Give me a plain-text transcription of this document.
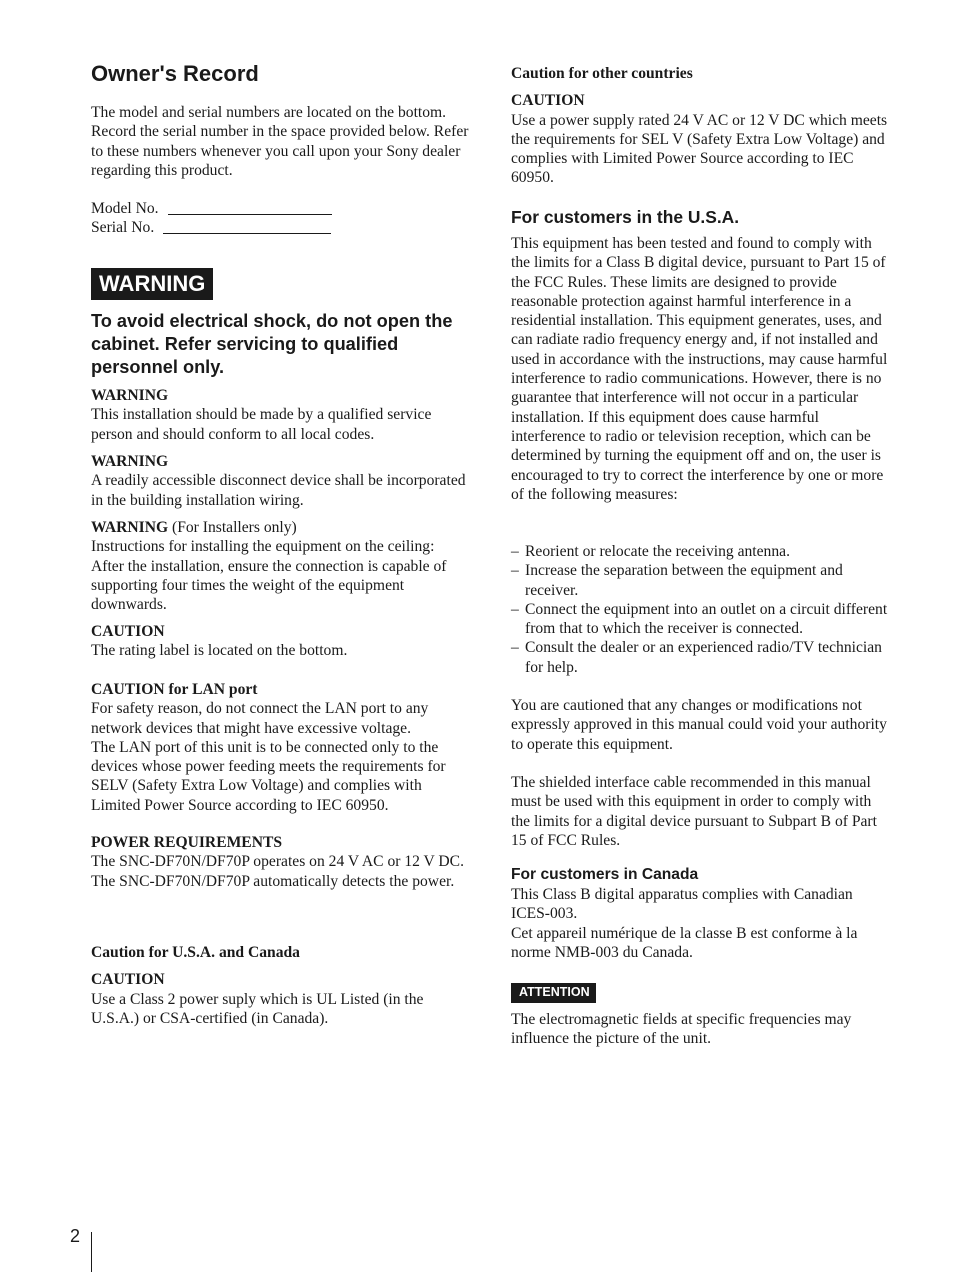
Owner's Record
The model and serial numbers are located on the bottom. Record the serial number in the space provided below. Refer to these numbers whenever you call upon your Sony dealer regarding this product.
Model No.
Serial No.
WARNING
To avoid electrical shock, do not open the cabinet. Refer servicing to qualified personnel only.
WARNING
This installation should be made by a qualified service person and should conform to all local codes.
WARNING
A readily accessible disconnect device shall be incorporated in the building installation wiring.
WARNING (For Installers only)
Instructions for installing the equipment on the ceiling: After the installation, ensure the connection is capable of supporting four times the weight of the equipment downwards.
CAUTION
The rating label is located on the bottom.
CAUTION for LAN port
For safety reason, do not connect the LAN port to any network devices that might have excessive voltage.
The LAN port of this unit is to be connected only to the devices whose power feeding meets the requirements for SELV (Safety Extra Low Voltage) and complies with Limited Power Source according to IEC 60950.
POWER REQUIREMENTS
The SNC-DF70N/DF70P operates on 24 V AC or 12 V DC.
The SNC-DF70N/DF70P automatically detects the power.
Caution for U.S.A. and Canada
CAUTION
Use a Class 2 power suply which is UL Listed (in the U.S.A.) or CSA-certified (in Canada).
Caution for other countries
CAUTION
Use a power supply rated 24 V AC or 12 V DC which meets the requirements for SEL V (Safety Extra Low Voltage) and complies with Limited Power Source according to IEC 60950.
For customers in the U.S.A.
This equipment has been tested and found to comply with the limits for a Class B digital device, pursuant to Part 15 of the FCC Rules. These limits are designed to provide reasonable protection against harmful interference in a residential installation. This equipment generates, uses, and can radiate radio frequency energy and, if not installed and used in accordance with the instructions, may cause harmful interference to radio communications. However, there is no guarantee that interference will not occur in a particular installation. If this equipment does cause harmful interference to radio or television reception, which can be determined by turning the equipment off and on, the user is encouraged to try to correct the interference by one or more of the following measures:
– Reorient or relocate the receiving antenna.
– Increase the separation between the equipment and receiver.
– Connect the equipment into an outlet on a circuit different from that to which the receiver is connected.
– Consult the dealer or an experienced radio/TV technician for help.
You are cautioned that any changes or modifications not expressly approved in this manual could void your authority to operate this equipment.
The shielded interface cable recommended in this manual must be used with this equipment in order to comply with the limits for a digital device pursuant to Subpart B of Part 15 of FCC Rules.
For customers in Canada
This Class B digital apparatus complies with Canadian ICES-003.
Cet appareil numérique de la classe B est conforme à la norme NMB-003 du Canada.
ATTENTION
The electromagnetic fields at specific frequencies may influence the picture of the unit.
2
